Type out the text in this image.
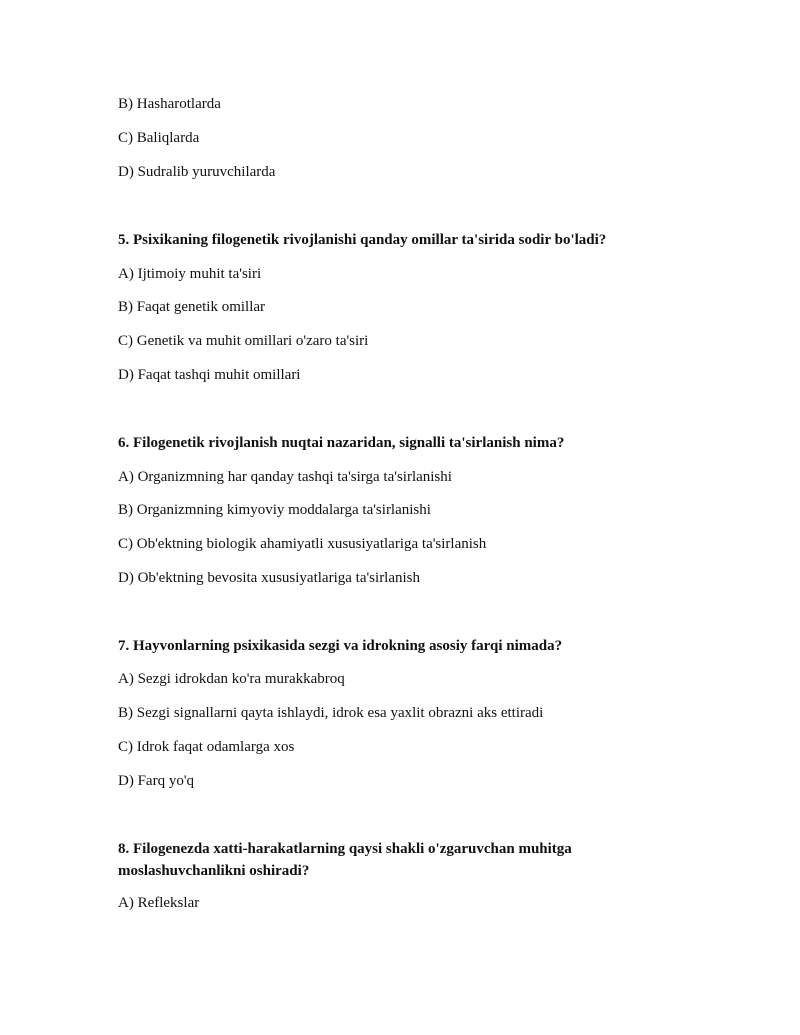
B) Hasharotlarda
C) Baliqlarda
D) Sudralib yuruvchilarda
5. Psixikaning filogenetik rivojlanishi qanday omillar ta'sirida sodir bo'ladi?
A) Ijtimoiy muhit ta'siri
B) Faqat genetik omillar
C) Genetik va muhit omillari o'zaro ta'siri
D) Faqat tashqi muhit omillari
6. Filogenetik rivojlanish nuqtai nazaridan, signalli ta'sirlanish nima?
A) Organizmning har qanday tashqi ta'sirga ta'sirlanishi
B) Organizmning kimyoviy moddalarga ta'sirlanishi
C) Ob'ektning biologik ahamiyatli xususiyatlariga ta'sirlanish
D) Ob'ektning bevosita xususiyatlariga ta'sirlanish
7. Hayvonlarning psixikasida sezgi va idrokning asosiy farqi nimada?
A) Sezgi idrokdan ko'ra murakkabroq
B) Sezgi signallarni qayta ishlaydi, idrok esa yaxlit obrazni aks ettiradi
C) Idrok faqat odamlarga xos
D) Farq yo'q
8. Filogenezda xatti-harakatlarning qaysi shakli o'zgaruvchan muhitga moslashuvchanlikni oshiradi?
A) Reflekslar
